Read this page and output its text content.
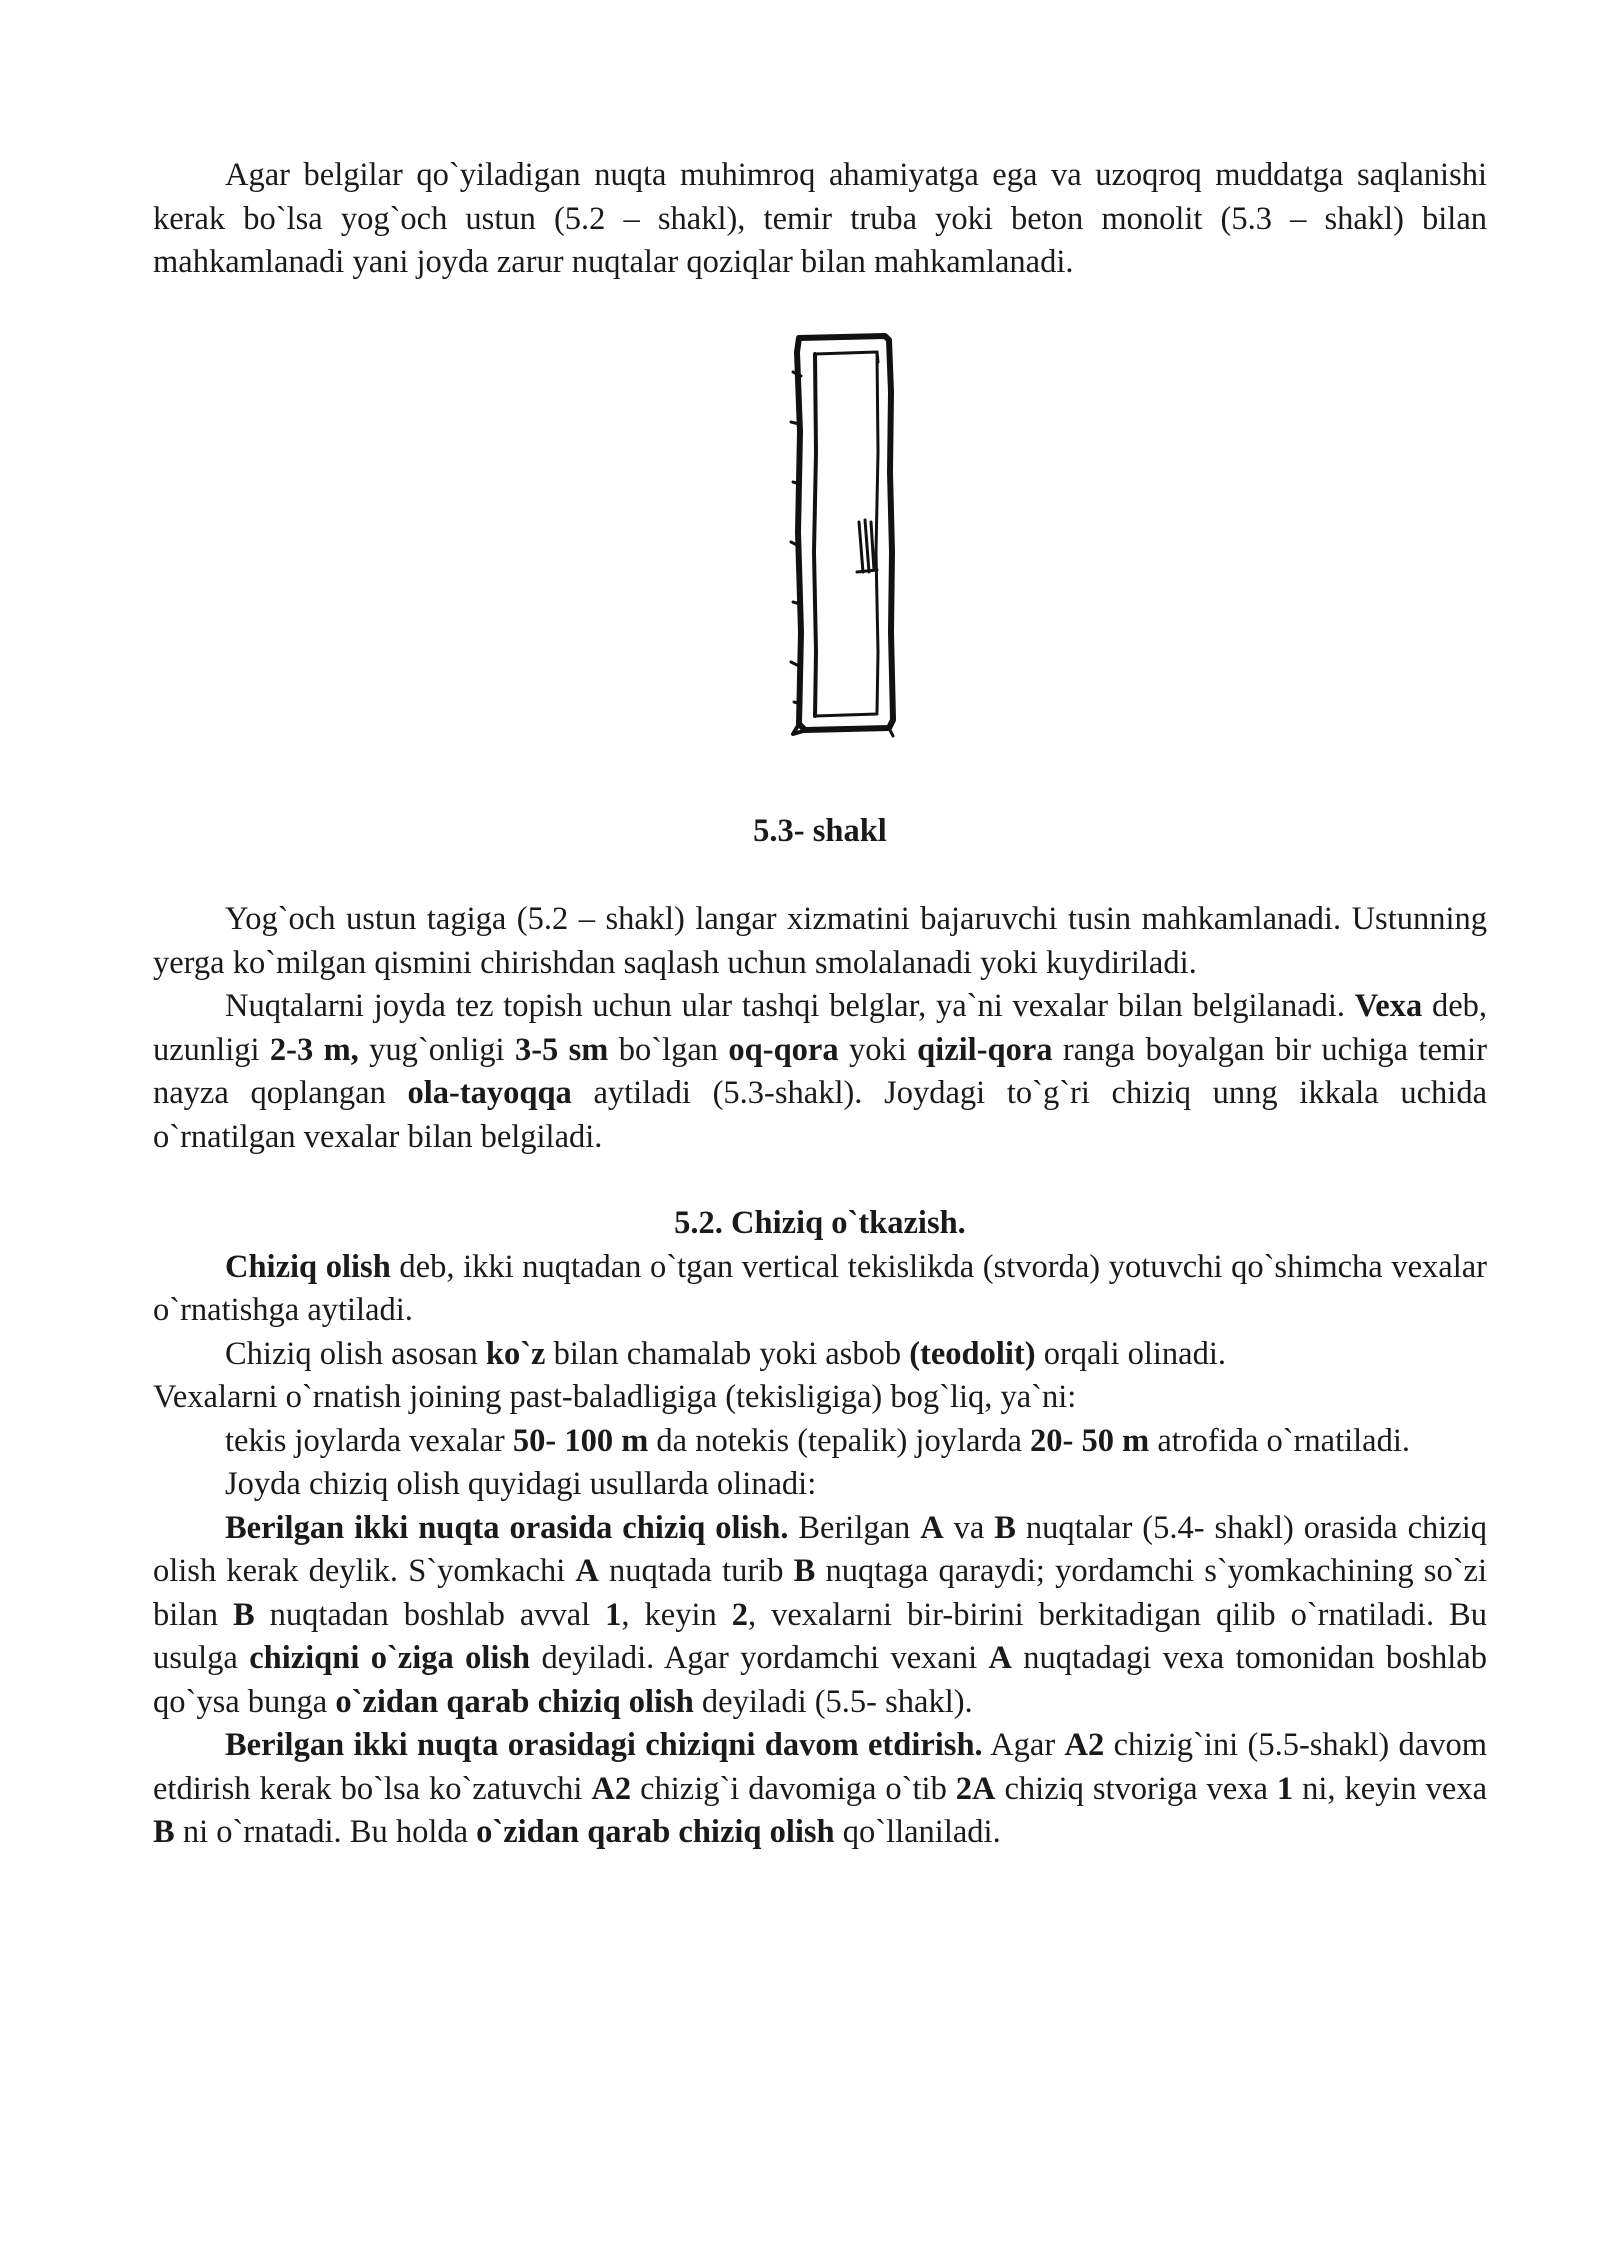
Agar belgilar qo`yiladigan nuqta muhimroq ahamiyatga ega va uzoqroq muddatga saqlanishi kerak bo`lsa yog`och ustun (5.2 – shakl), temir truba yoki beton monolit (5.3 – shakl) bilan mahkamlanadi yani joyda zarur nuqtalar qoziqlar bilan mahkamlanadi.

5.3- shakl

Yog`och ustun tagiga (5.2 – shakl) langar xizmatini bajaruvchi tusin mahkamlanadi. Ustunning yerga ko`milgan qismini chirishdan saqlash uchun smolalanadi yoki kuydiriladi.

Nuqtalarni joyda tez topish uchun ular tashqi belglar, ya`ni vexalar bilan belgilanadi. Vexa deb, uzunligi 2-3 m, yug`onligi 3-5 sm bo`lgan oq-qora yoki qizil-qora ranga boyalgan bir uchiga temir nayza qoplangan ola-tayoqqa aytiladi (5.3-shakl). Joydagi to`g`ri chiziq unng ikkala uchida o`rnatilgan vexalar bilan belgiladi.

5.2. Chiziq o`tkazish.

Chiziq olish deb, ikki nuqtadan o`tgan vertical tekislikda (stvorda) yotuvchi qo`shimcha vexalar o`rnatishga aytiladi.

Chiziq olish asosan ko`z bilan chamalab yoki asbob (teodolit) orqali olinadi.

Vexalarni o`rnatish joining past-baladligiga (tekisligiga) bog`liq, ya`ni:

tekis joylarda vexalar 50- 100 m da notekis (tepalik) joylarda 20- 50 m atrofida o`rnatiladi.

Joyda chiziq olish quyidagi usullarda olinadi:

Berilgan ikki nuqta orasida chiziq olish. Berilgan A va B nuqtalar (5.4- shakl) orasida chiziq olish kerak deylik. S`yomkachi A nuqtada turib B nuqtaga qaraydi; yordamchi s`yomkachining so`zi bilan B nuqtadan boshlab avval 1, keyin 2, vexalarni bir-birini berkitadigan qilib o`rnatiladi. Bu usulga chiziqni o`ziga olish deyiladi. Agar yordamchi vexani A nuqtadagi vexa tomonidan boshlab qo`ysa bunga o`zidan qarab chiziq olish deyiladi (5.5- shakl).

Berilgan ikki nuqta orasidagi chiziqni davom etdirish. Agar A2 chizig`ini (5.5-shakl) davom etdirish kerak bo`lsa ko`zatuvchi A2 chizig`i davomiga o`tib 2A chiziq stvoriga vexa 1 ni, keyin vexa B ni o`rnatadi. Bu holda o`zidan qarab chiziq olish qo`llaniladi.
